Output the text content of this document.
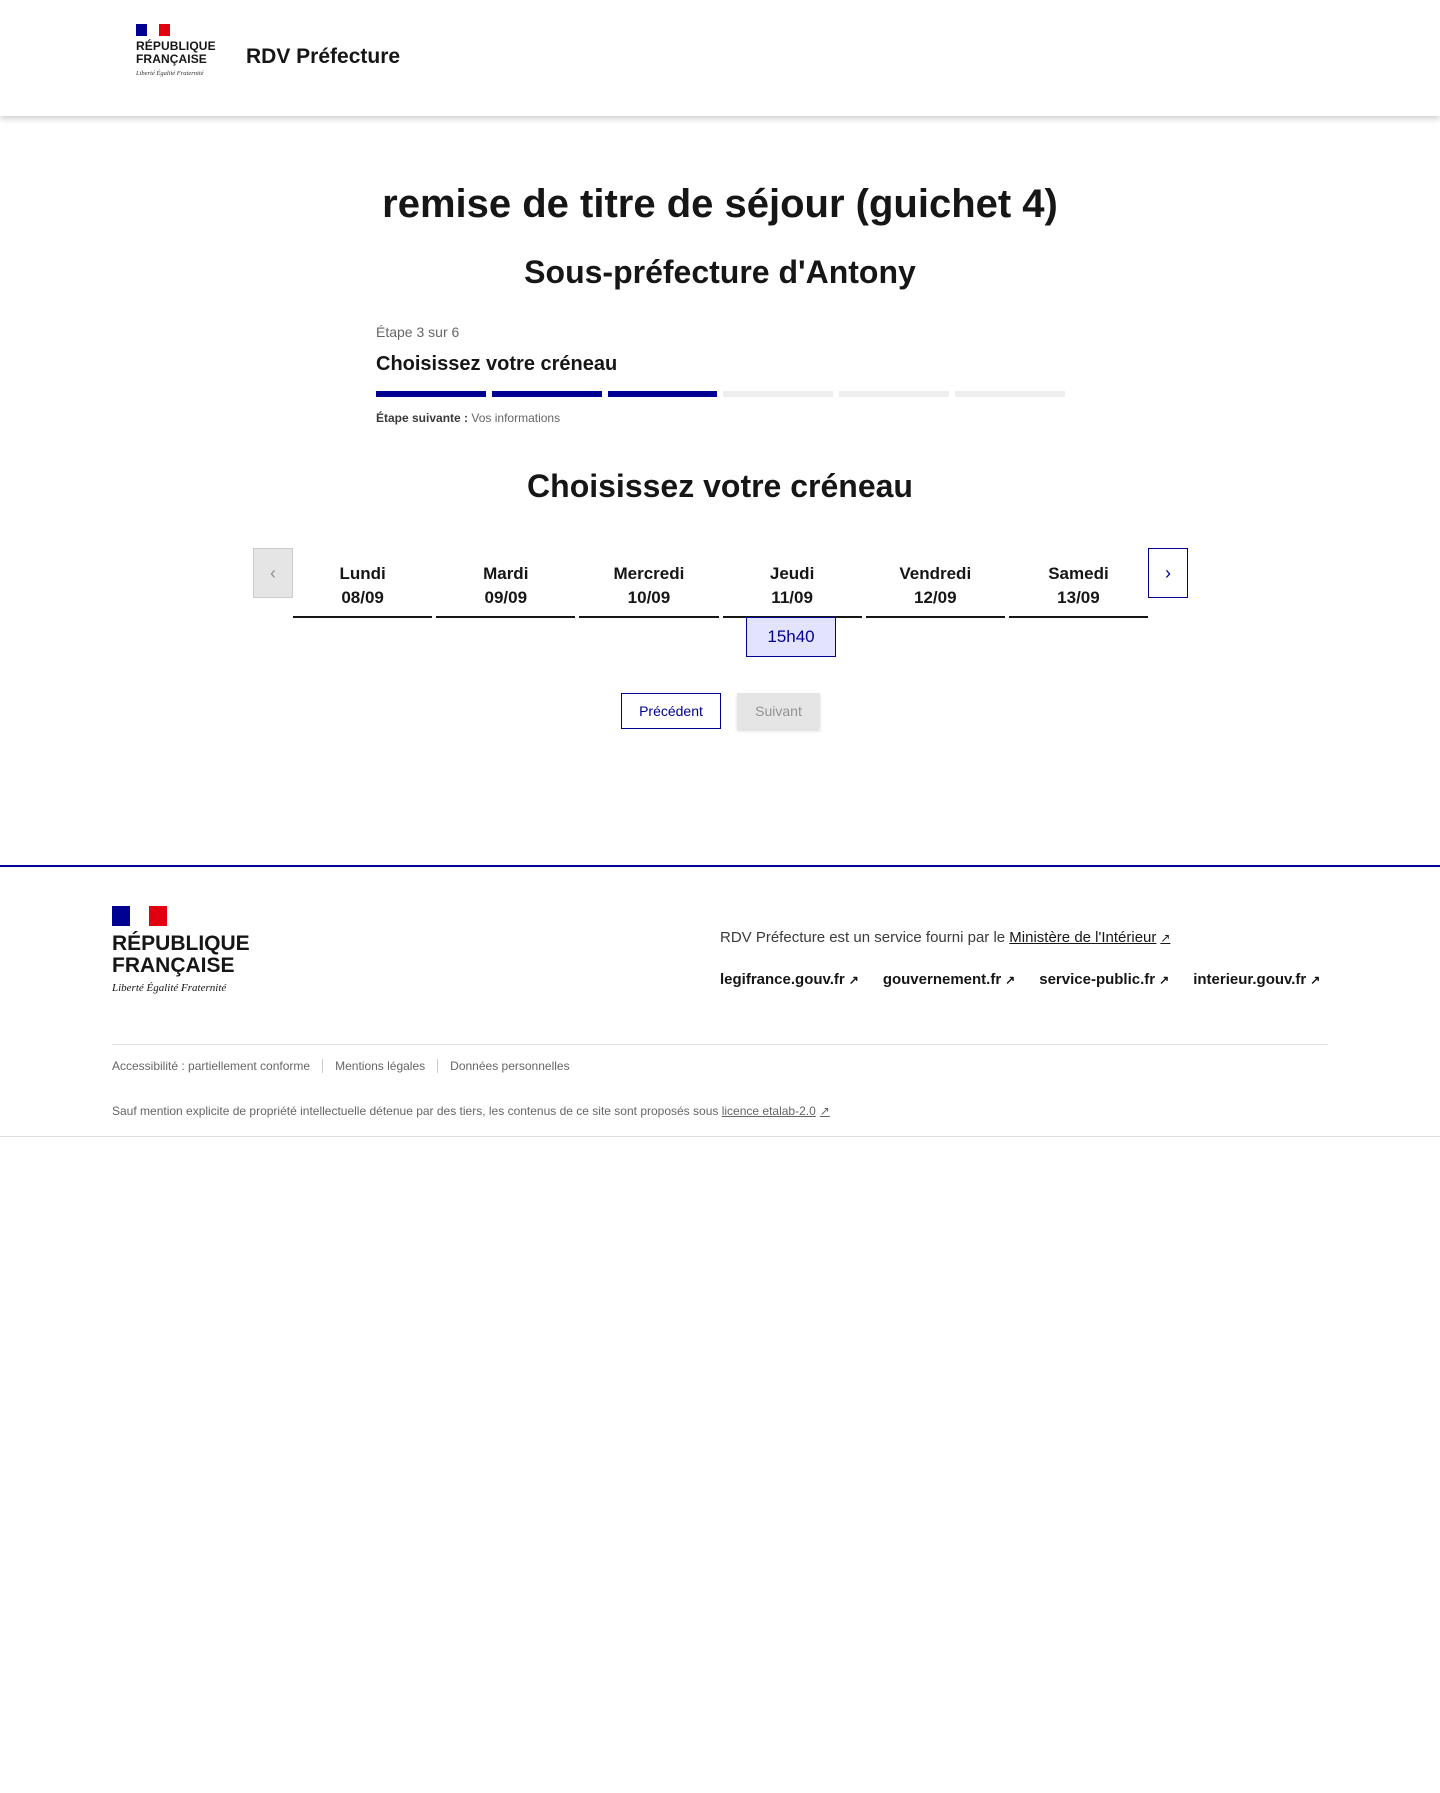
RÉPUBLIQUE FRANÇAISE
Liberté Égalité Fraternité
RDV Préfecture
remise de titre de séjour (guichet 4)
Sous-préfecture d'Antony
Étape 3 sur 6
Choisissez votre créneau
Étape suivante : Vos informations
Choisissez votre créneau
‹	Lundi
08/09
Mardi
09/09
Mercredi
10/09
Jeudi
11/09
Vendredi
12/09
Samedi
13/09
›
15h40
Précédent	Suivant
RÉPUBLIQUE FRANÇAISE
Liberté Égalité Fraternité
RDV Préfecture est un service fourni par le Ministère de l'Intérieur ↗
legifrance.gouv.fr ↗ gouvernement.fr ↗ service-public.fr ↗ interieur.gouv.fr ↗
Accessibilité : partiellement conforme	Mentions légales	Données personnelles
Sauf mention explicite de propriété intellectuelle détenue par des tiers, les contenus de ce site sont proposés sous licence etalab-2.0 ↗
